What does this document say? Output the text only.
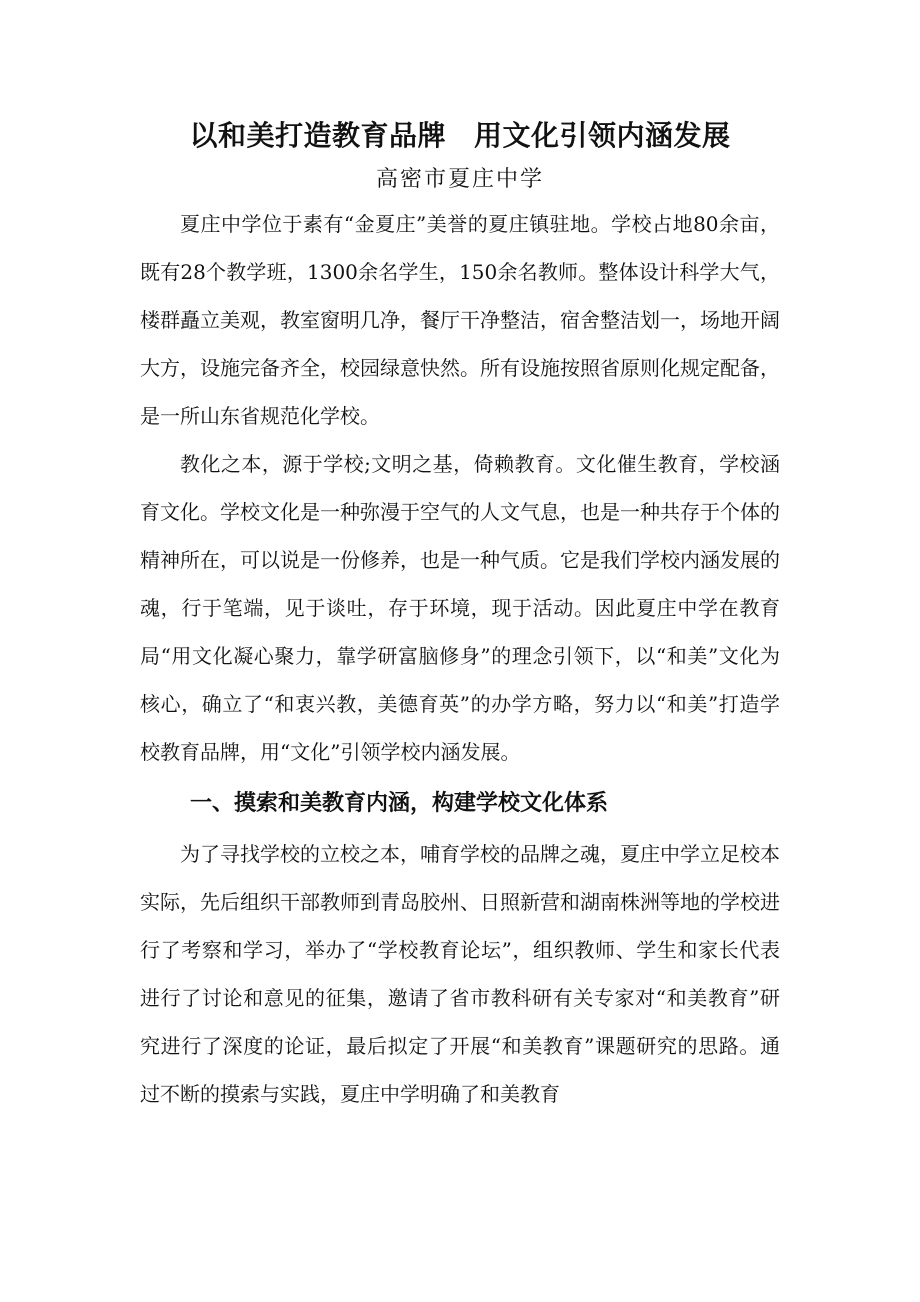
以和美打造教育品牌 用文化引领内涵发展

高密市夏庄中学

夏庄中学位于素有“金夏庄”美誉的夏庄镇驻地。学校占地80余亩，既有28个教学班，1300余名学生，150余名教师。整体设计科学大气，楼群矗立美观，教室窗明几净，餐厅干净整洁，宿舍整洁划一，场地开阔大方，设施完备齐全，校园绿意快然。所有设施按照省原则化规定配备，是一所山东省规范化学校。

教化之本，源于学校;文明之基，倚赖教育。文化催生教育，学校涵育文化。学校文化是一种弥漫于空气的人文气息，也是一种共存于个体的精神所在，可以说是一份修养，也是一种气质。它是我们学校内涵发展的魂，行于笔端，见于谈吐，存于环境，现于活动。因此夏庄中学在教育局“用文化凝心聚力，靠学研富脑修身”的理念引领下，以“和美”文化为核心，确立了“和衷兴教，美德育英”的办学方略，努力以“和美”打造学校教育品牌，用“文化”引领学校内涵发展。

一、摸索和美教育内涵，构建学校文化体系

为了寻找学校的立校之本，哺育学校的品牌之魂，夏庄中学立足校本实际，先后组织干部教师到青岛胶州、日照新营和湖南株洲等地的学校进行了考察和学习，举办了“学校教育论坛”，组织教师、学生和家长代表进行了讨论和意见的征集，邀请了省市教科研有关专家对“和美教育”研究进行了深度的论证，最后拟定了开展“和美教育”课题研究的思路。通过不断的摸索与实践，夏庄中学明确了和美教育
